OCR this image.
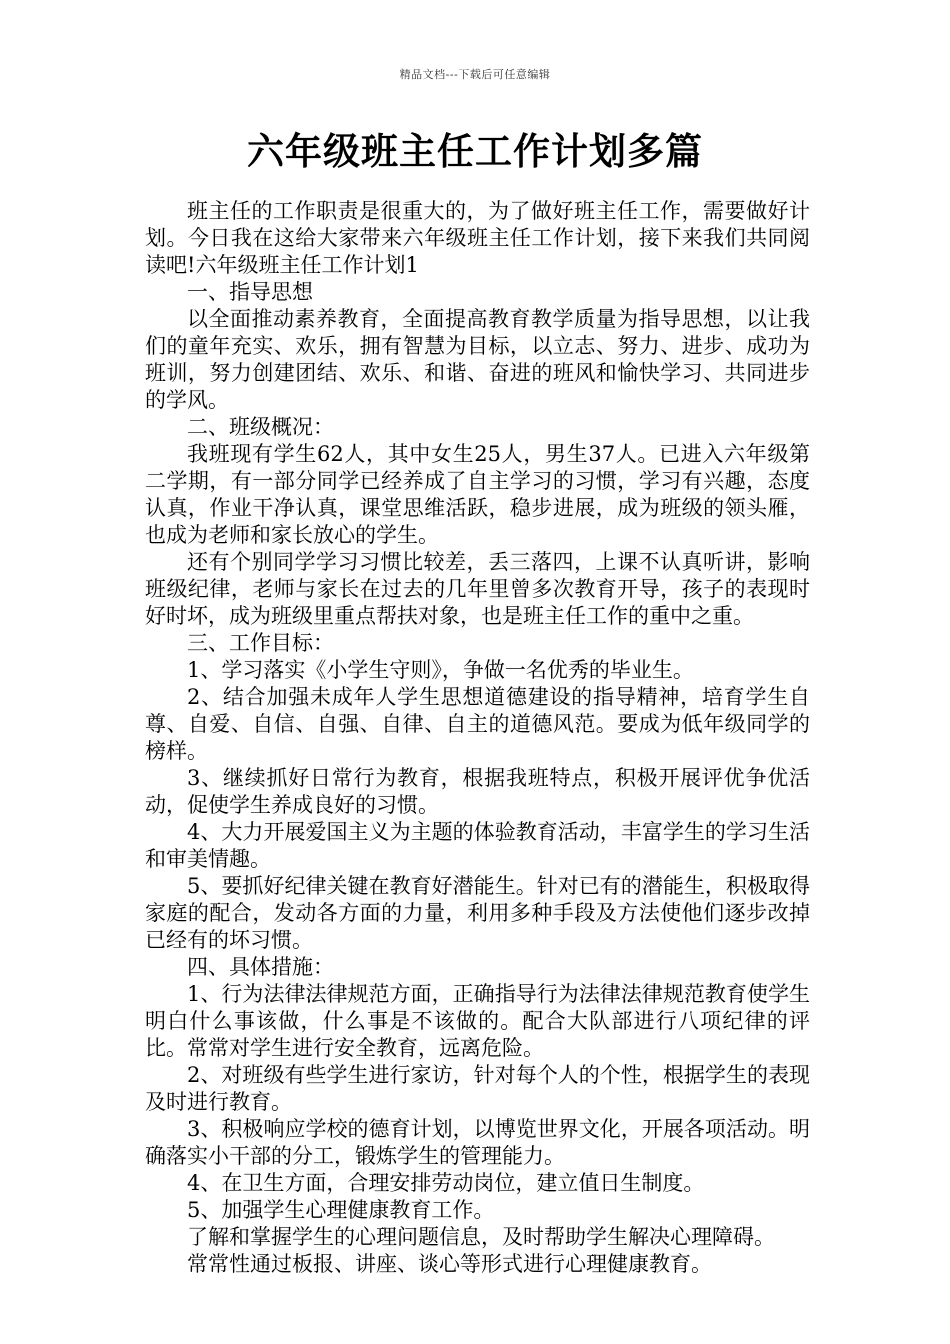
精品文档---下载后可任意编辑
六年级班主任工作计划多篇

班主任的工作职责是很重大的，为了做好班主任工作，需要做好计划。今日我在这给大家带来六年级班主任工作计划，接下来我们共同阅读吧!六年级班主任工作计划1

一、指导思想

以全面推动素养教育，全面提高教育教学质量为指导思想，以让我们的童年充实、欢乐，拥有智慧为目标，以立志、努力、进步、成功为班训，努力创建团结、欢乐、和谐、奋进的班风和愉快学习、共同进步的学风。

二、班级概况：

我班现有学生62人，其中女生25人，男生37人。已进入六年级第二学期，有一部分同学已经养成了自主学习的习惯，学习有兴趣，态度认真，作业干净认真，课堂思维活跃，稳步进展，成为班级的领头雁，也成为老师和家长放心的学生。

还有个别同学学习习惯比较差，丢三落四，上课不认真听讲，影响班级纪律，老师与家长在过去的几年里曾多次教育开导，孩子的表现时好时坏，成为班级里重点帮扶对象，也是班主任工作的重中之重。

三、工作目标：

1、学习落实《小学生守则》，争做一名优秀的毕业生。

2、结合加强未成年人学生思想道德建设的指导精神，培育学生自尊、自爱、自信、自强、自律、自主的道德风范。要成为低年级同学的榜样。

3、继续抓好日常行为教育，根据我班特点，积极开展评优争优活动，促使学生养成良好的习惯。

4、大力开展爱国主义为主题的体验教育活动，丰富学生的学习生活和审美情趣。

5、要抓好纪律关键在教育好潜能生。针对已有的潜能生，积极取得家庭的配合，发动各方面的力量，利用多种手段及方法使他们逐步改掉已经有的坏习惯。

四、具体措施：

1、行为法律法律规范方面，正确指导行为法律法律规范教育使学生明白什么事该做，什么事是不该做的。配合大队部进行八项纪律的评比。常常对学生进行安全教育，远离危险。

2、对班级有些学生进行家访，针对每个人的个性，根据学生的表现及时进行教育。

3、积极响应学校的德育计划，以博览世界文化，开展各项活动。明确落实小干部的分工，锻炼学生的管理能力。

4、在卫生方面，合理安排劳动岗位，建立值日生制度。

5、加强学生心理健康教育工作。

了解和掌握学生的心理问题信息，及时帮助学生解决心理障碍。

常常性通过板报、讲座、谈心等形式进行心理健康教育。
